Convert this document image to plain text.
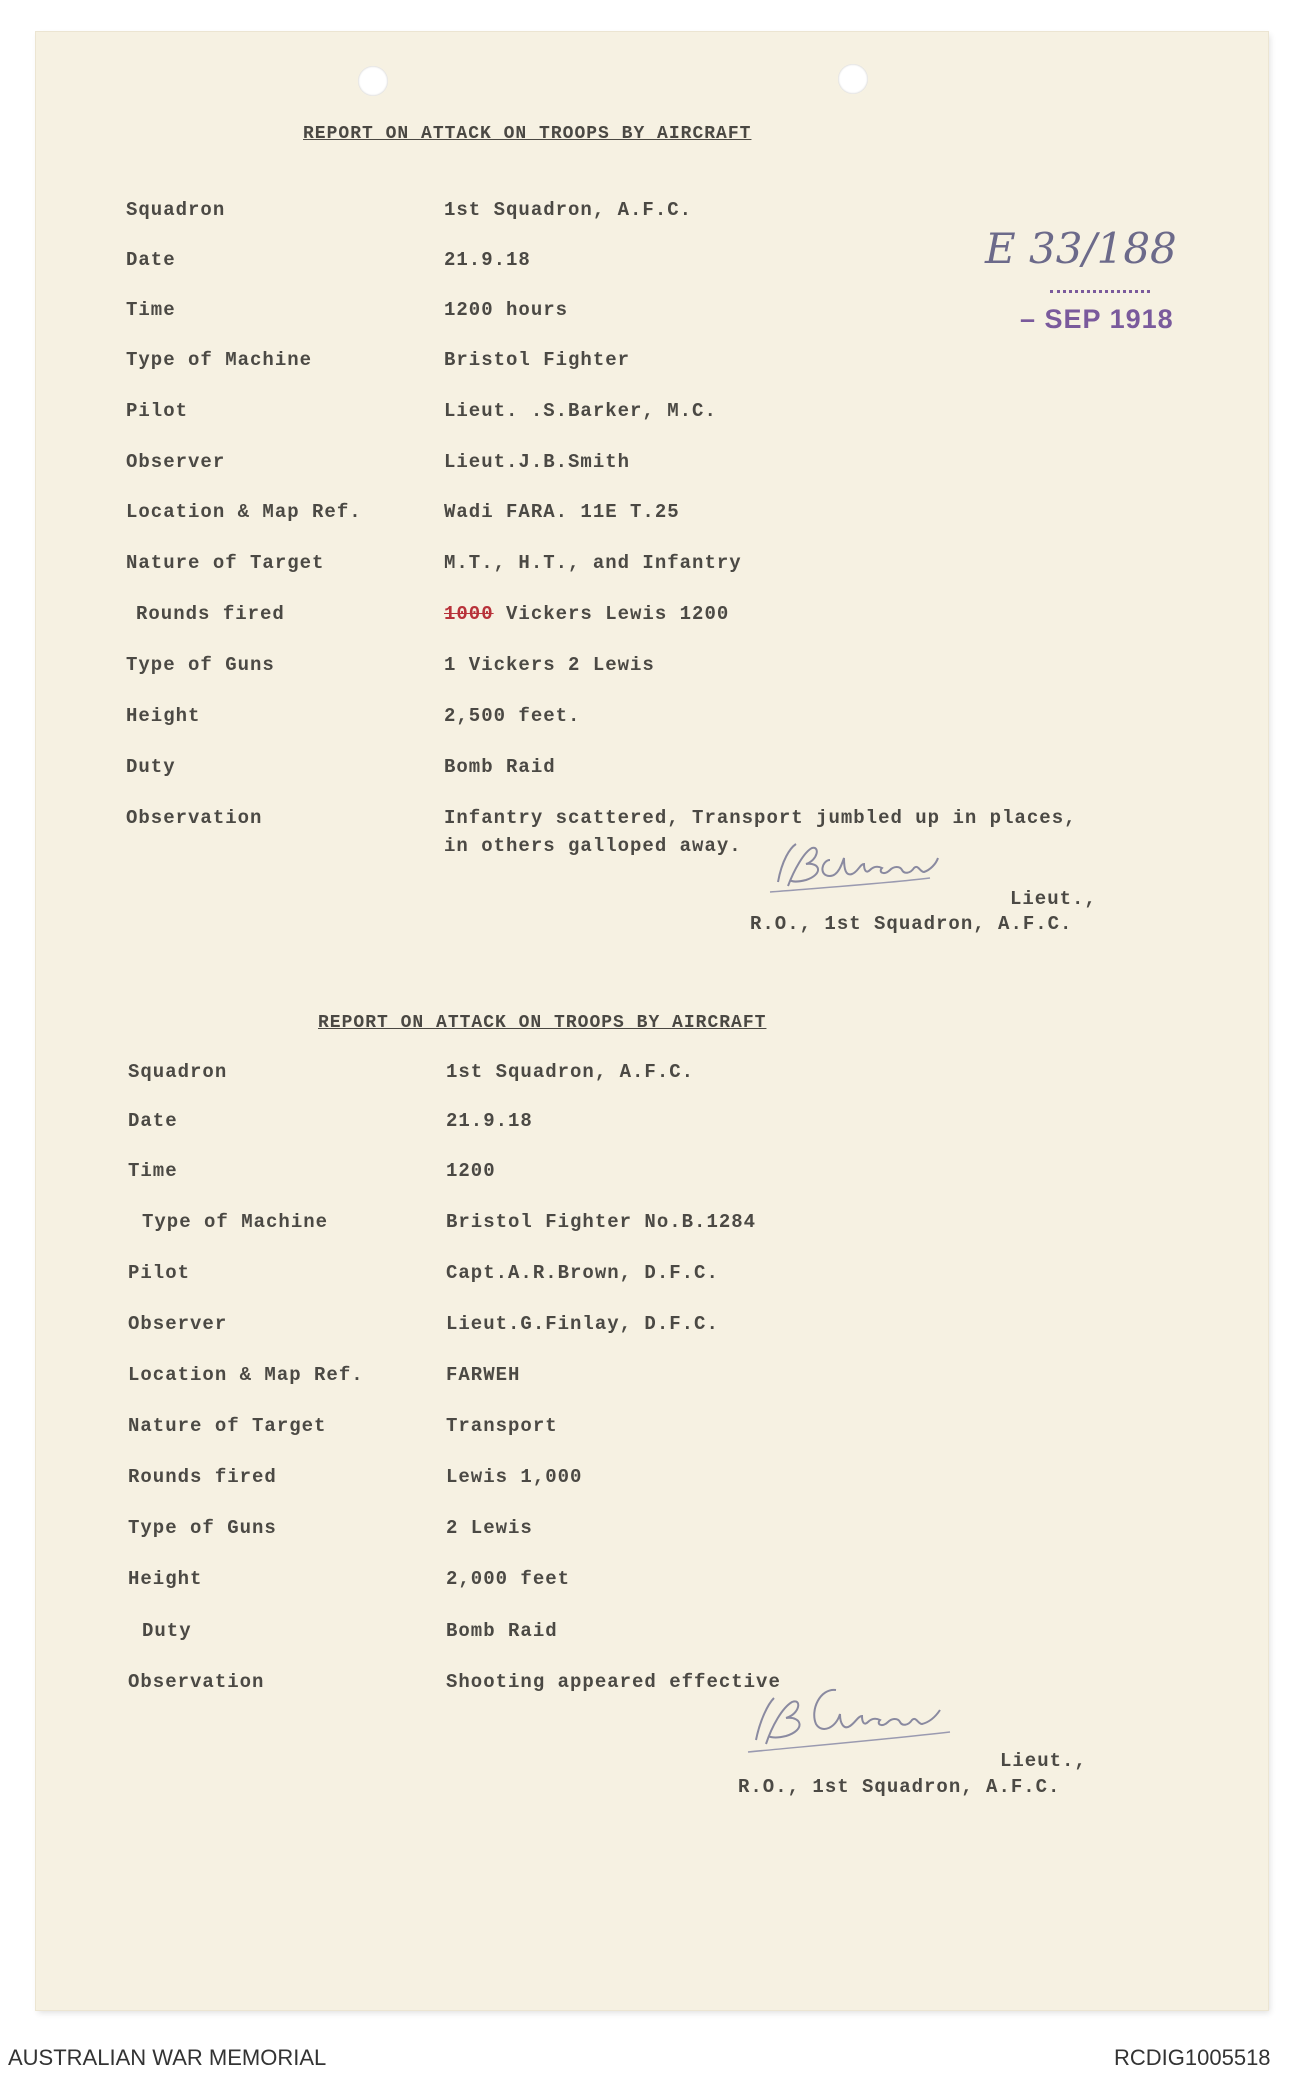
REPORT ON ATTACK ON TROOPS BY AIRCRAFT
Squadron	1st Squadron, A.F.C.
Date	21.9.18
Time	1200 hours
Type of Machine	Bristol Fighter
Pilot	Lieut. .S.Barker, M.C.
Observer	Lieut.J.B.Smith
Location & Map Ref.	Wadi FARA. 11E T.25
Nature of Target	M.T., H.T., and Infantry
Rounds fired	1000 Vickers Lewis 1200
Type of Guns	1 Vickers 2 Lewis
Height	2,500 feet.
Duty	Bomb Raid
Observation	Infantry scattered, Transport jumbled up in places,
in others galloped away.
Lieut.,
R.O., 1st Squadron, A.F.C.
E 33/188
– SEP 1918
REPORT ON ATTACK ON TROOPS BY AIRCRAFT
Squadron	1st Squadron, A.F.C.
Date	21.9.18
Time	1200
Type of Machine	Bristol Fighter No.B.1284
Pilot	Capt.A.R.Brown, D.F.C.
Observer	Lieut.G.Finlay, D.F.C.
Location & Map Ref.	FARWEH
Nature of Target	Transport
Rounds fired	Lewis 1,000
Type of Guns	2 Lewis
Height	2,000 feet
Duty	Bomb Raid
Observation	Shooting appeared effective
Lieut.,
R.O., 1st Squadron, A.F.C.
AUSTRALIAN WAR MEMORIAL	RCDIG1005518
